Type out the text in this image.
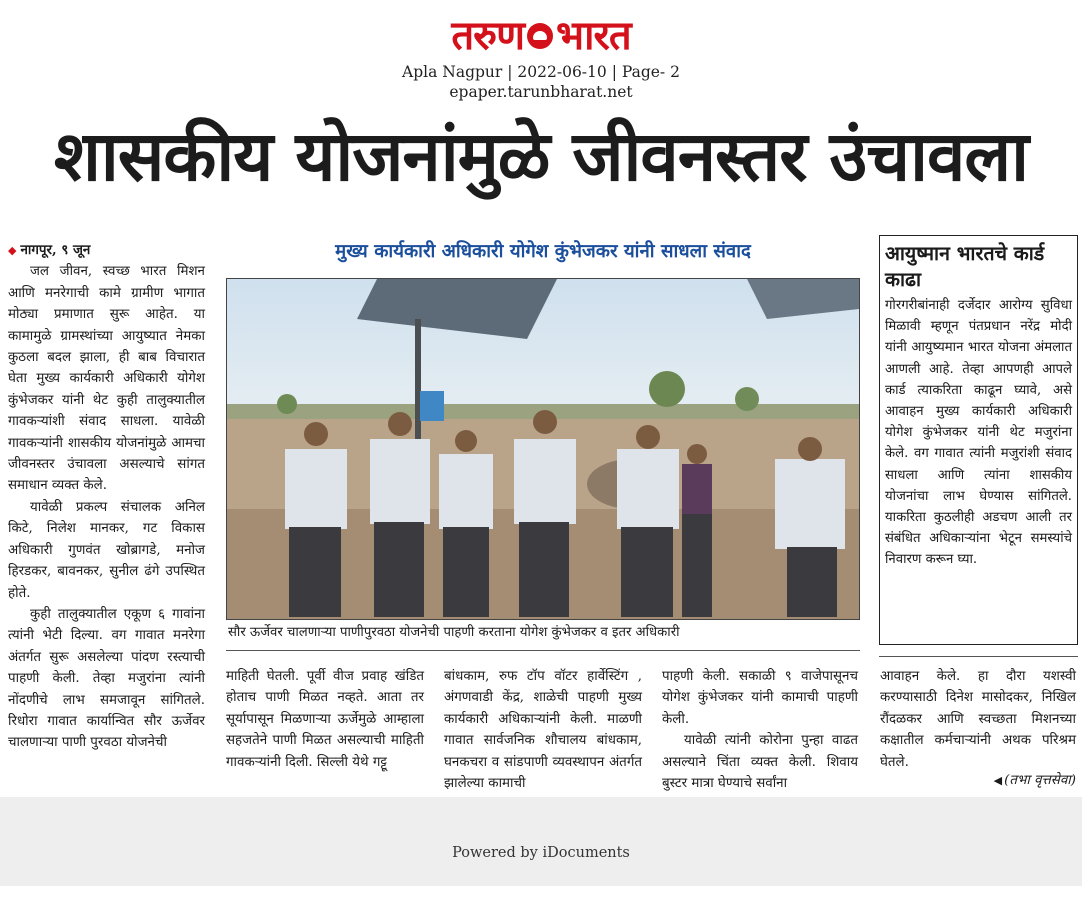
तरुण भारत
Apla Nagpur | 2022-06-10 | Page- 2
epaper.tarunbharat.net
शासकीय योजनांमुळे जीवनस्तर उंचावला

◆ नागपूर, ९ जून

जल जीवन, स्वच्छ भारत मिशन आणि मनरेगाची कामे ग्रामीण भागात मोठ्या प्रमाणात सुरू आहेत. या कामामुळे ग्रामस्थांच्या आयुष्यात नेमका कुठला बदल झाला, ही बाब विचारात घेता मुख्य कार्यकारी अधिकारी योगेश कुंभेजकर यांनी थेट कुही तालुक्यातील गावकऱ्यांशी संवाद साधला. यावेळी गावकऱ्यांनी शासकीय योजनांमुळे आमचा जीवनस्तर उंचावला असल्याचे सांगत समाधान व्यक्त केले.

यावेळी प्रकल्प संचालक अनिल किटे, निलेश मानकर, गट विकास अधिकारी गुणवंत खोब्रागडे, मनोज हिरडकर, बावनकर, सुनील ढंगे उपस्थित होते.

कुही तालुक्यातील एकूण ६ गावांना त्यांनी भेटी दिल्या. वग गावात मनरेगा अंतर्गत सुरू असलेल्या पांदण रस्त्याची पाहणी केली. तेव्हा मजुरांना त्यांनी नोंदणीचे लाभ समजावून सांगितले. रिधोरा गावात कार्यान्वित सौर ऊर्जेवर चालणाऱ्या पाणी पुरवठा योजनेची

मुख्य कार्यकारी अधिकारी योगेश कुंभेजकर यांनी साधला संवाद
सौर ऊर्जेवर चालणाऱ्या पाणीपुरवठा योजनेची पाहणी करताना योगेश कुंभेजकर व इतर अधिकारी

माहिती घेतली. पूर्वी वीज प्रवाह खंडित होताच पाणी मिळत नव्हते. आता तर सूर्यापासून मिळणाऱ्या ऊर्जेमुळे आम्हाला सहजतेने पाणी मिळत असल्याची माहिती गावकऱ्यांनी दिली. सिल्ली येथे गट्टू

बांधकाम, रुफ टॉप वॉटर हार्वेस्टिंग , अंगणवाडी केंद्र, शाळेची पाहणी मुख्य कार्यकारी अधिकाऱ्यांनी केली. माळणी गावात सार्वजनिक शौचालय बांधकाम, घनकचरा व सांडपाणी व्यवस्थापन अंतर्गत झालेल्या कामाची

पाहणी केली. सकाळी ९ वाजेपासूनच योगेश कुंभेजकर यांनी कामाची पाहणी केली.

यावेळी त्यांनी कोरोना पुन्हा वाढत असल्याने चिंता व्यक्त केली. शिवाय बुस्टर मात्रा घेण्याचे सर्वांना

आयुष्मान भारतचे कार्ड काढा
गोरगरीबांनाही दर्जेदार आरोग्य सुविधा मिळावी म्हणून पंतप्रधान नरेंद्र मोदी यांनी आयुष्यमान भारत योजना अंमलात आणली आहे. तेव्हा आपणही आपले कार्ड त्याकरिता काढून घ्यावे, असे आवाहन मुख्य कार्यकारी अधिकारी योगेश कुंभेजकर यांनी थेट मजुरांना केले. वग गावात त्यांनी मजुरांशी संवाद साधला आणि त्यांना शासकीय योजनांचा लाभ घेण्यास सांगितले. याकरिता कुठलीही अडचण आली तर संबंधित अधिकाऱ्यांना भेटून समस्यांचे निवारण करून घ्या.

आवाहन केले. हा दौरा यशस्वी करण्यासाठी दिनेश मासोदकर, निखिल रौंदळकर आणि स्वच्छता मिशनच्या कक्षातील कर्मचाऱ्यांनी अथक परिश्रम घेतले.

◀ (तभा वृत्तसेवा)
Powered by iDocuments
